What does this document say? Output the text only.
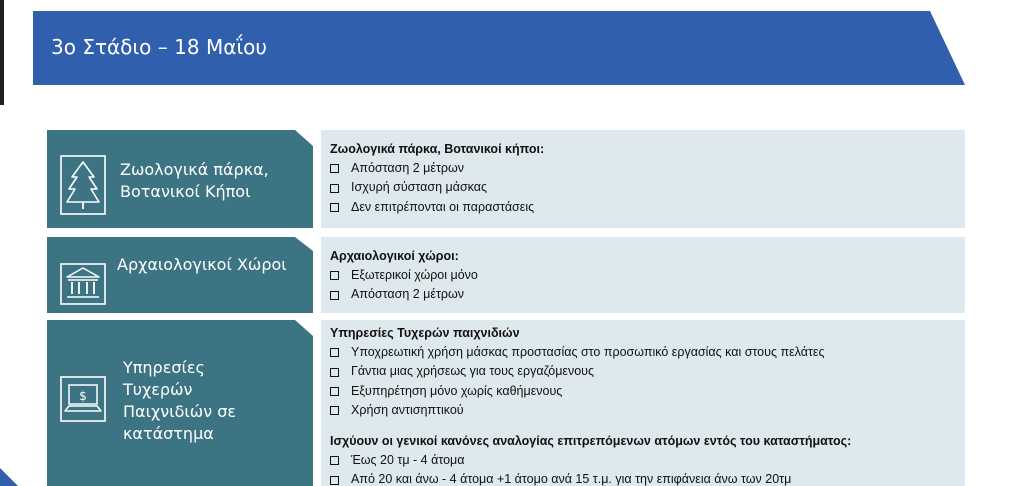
3ο Στάδιο – 18 Μαΐου
Ζωολογικά πάρκα, Βοτανικοί Κήποι
Ζωολογικά πάρκα, Βοτανικοί κήποι:
Απόσταση 2 μέτρων
Ισχυρή σύσταση μάσκας
Δεν επιτρέπονται οι παραστάσεις
Αρχαιολογικοί Χώροι	Αρχαιολογικοί χώροι:
Εξωτερικοί χώροι μόνο
Απόσταση 2 μέτρων
$
Υπηρεσίες Τυχερών Παιχνιδιών σε κατάστημα
Υπηρεσίες Τυχερών παιχνιδιών
Υποχρεωτική χρήση μάσκας προστασίας στο προσωπικό εργασίας και στους πελάτες
Γάντια μιας χρήσεως για τους εργαζόμενους
Εξυπηρέτηση μόνο χωρίς καθήμενους
Χρήση αντισηπτικού
Ισχύουν οι γενικοί κανόνες αναλογίας επιτρεπόμενων ατόμων εντός του καταστήματος:
Έως 20 τμ - 4 άτομα
Από 20 και άνω - 4 άτομα +1 άτομο ανά 15 τ.μ. για την επιφάνεια άνω των 20τμ
